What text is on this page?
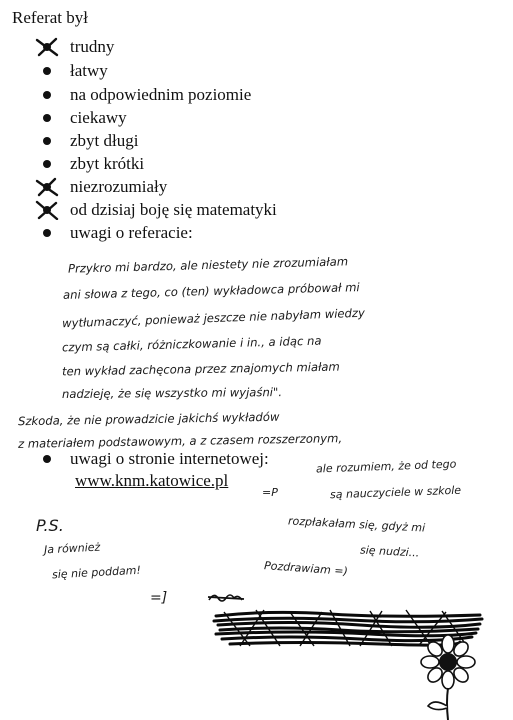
Referat był
trudny
łatwy
na odpowiednim poziomie
ciekawy
zbyt długi
zbyt krótki
niezrozumiały
od dzisiaj boję się matematyki
uwagi o referacie:
Przykro mi bardzo, ale niestety nie zrozumiałam
ani słowa z tego, co (ten) wykładowca próbował mi
wytłumaczyć, ponieważ jeszcze nie nabyłam wiedzy
czym są całki, różniczkowanie i in., a idąc na
ten wykład zachęcona przez znajomych miałam
nadzieję, że się wszystko mi wyjaśni".
Szkoda, że nie prowadzicie jakichś wykładów
z materiałem podstawowym, a z czasem rozszerzonym,
uwagi o stronie internetowej:
www.knm.katowice.pl
ale rozumiem, że od tego
są nauczyciele w szkole
=P
rozpłakałam się, gdyż mi
się nudzi...
Pozdrawiam =)
P.S.
Ja również
się nie poddam!
=]
